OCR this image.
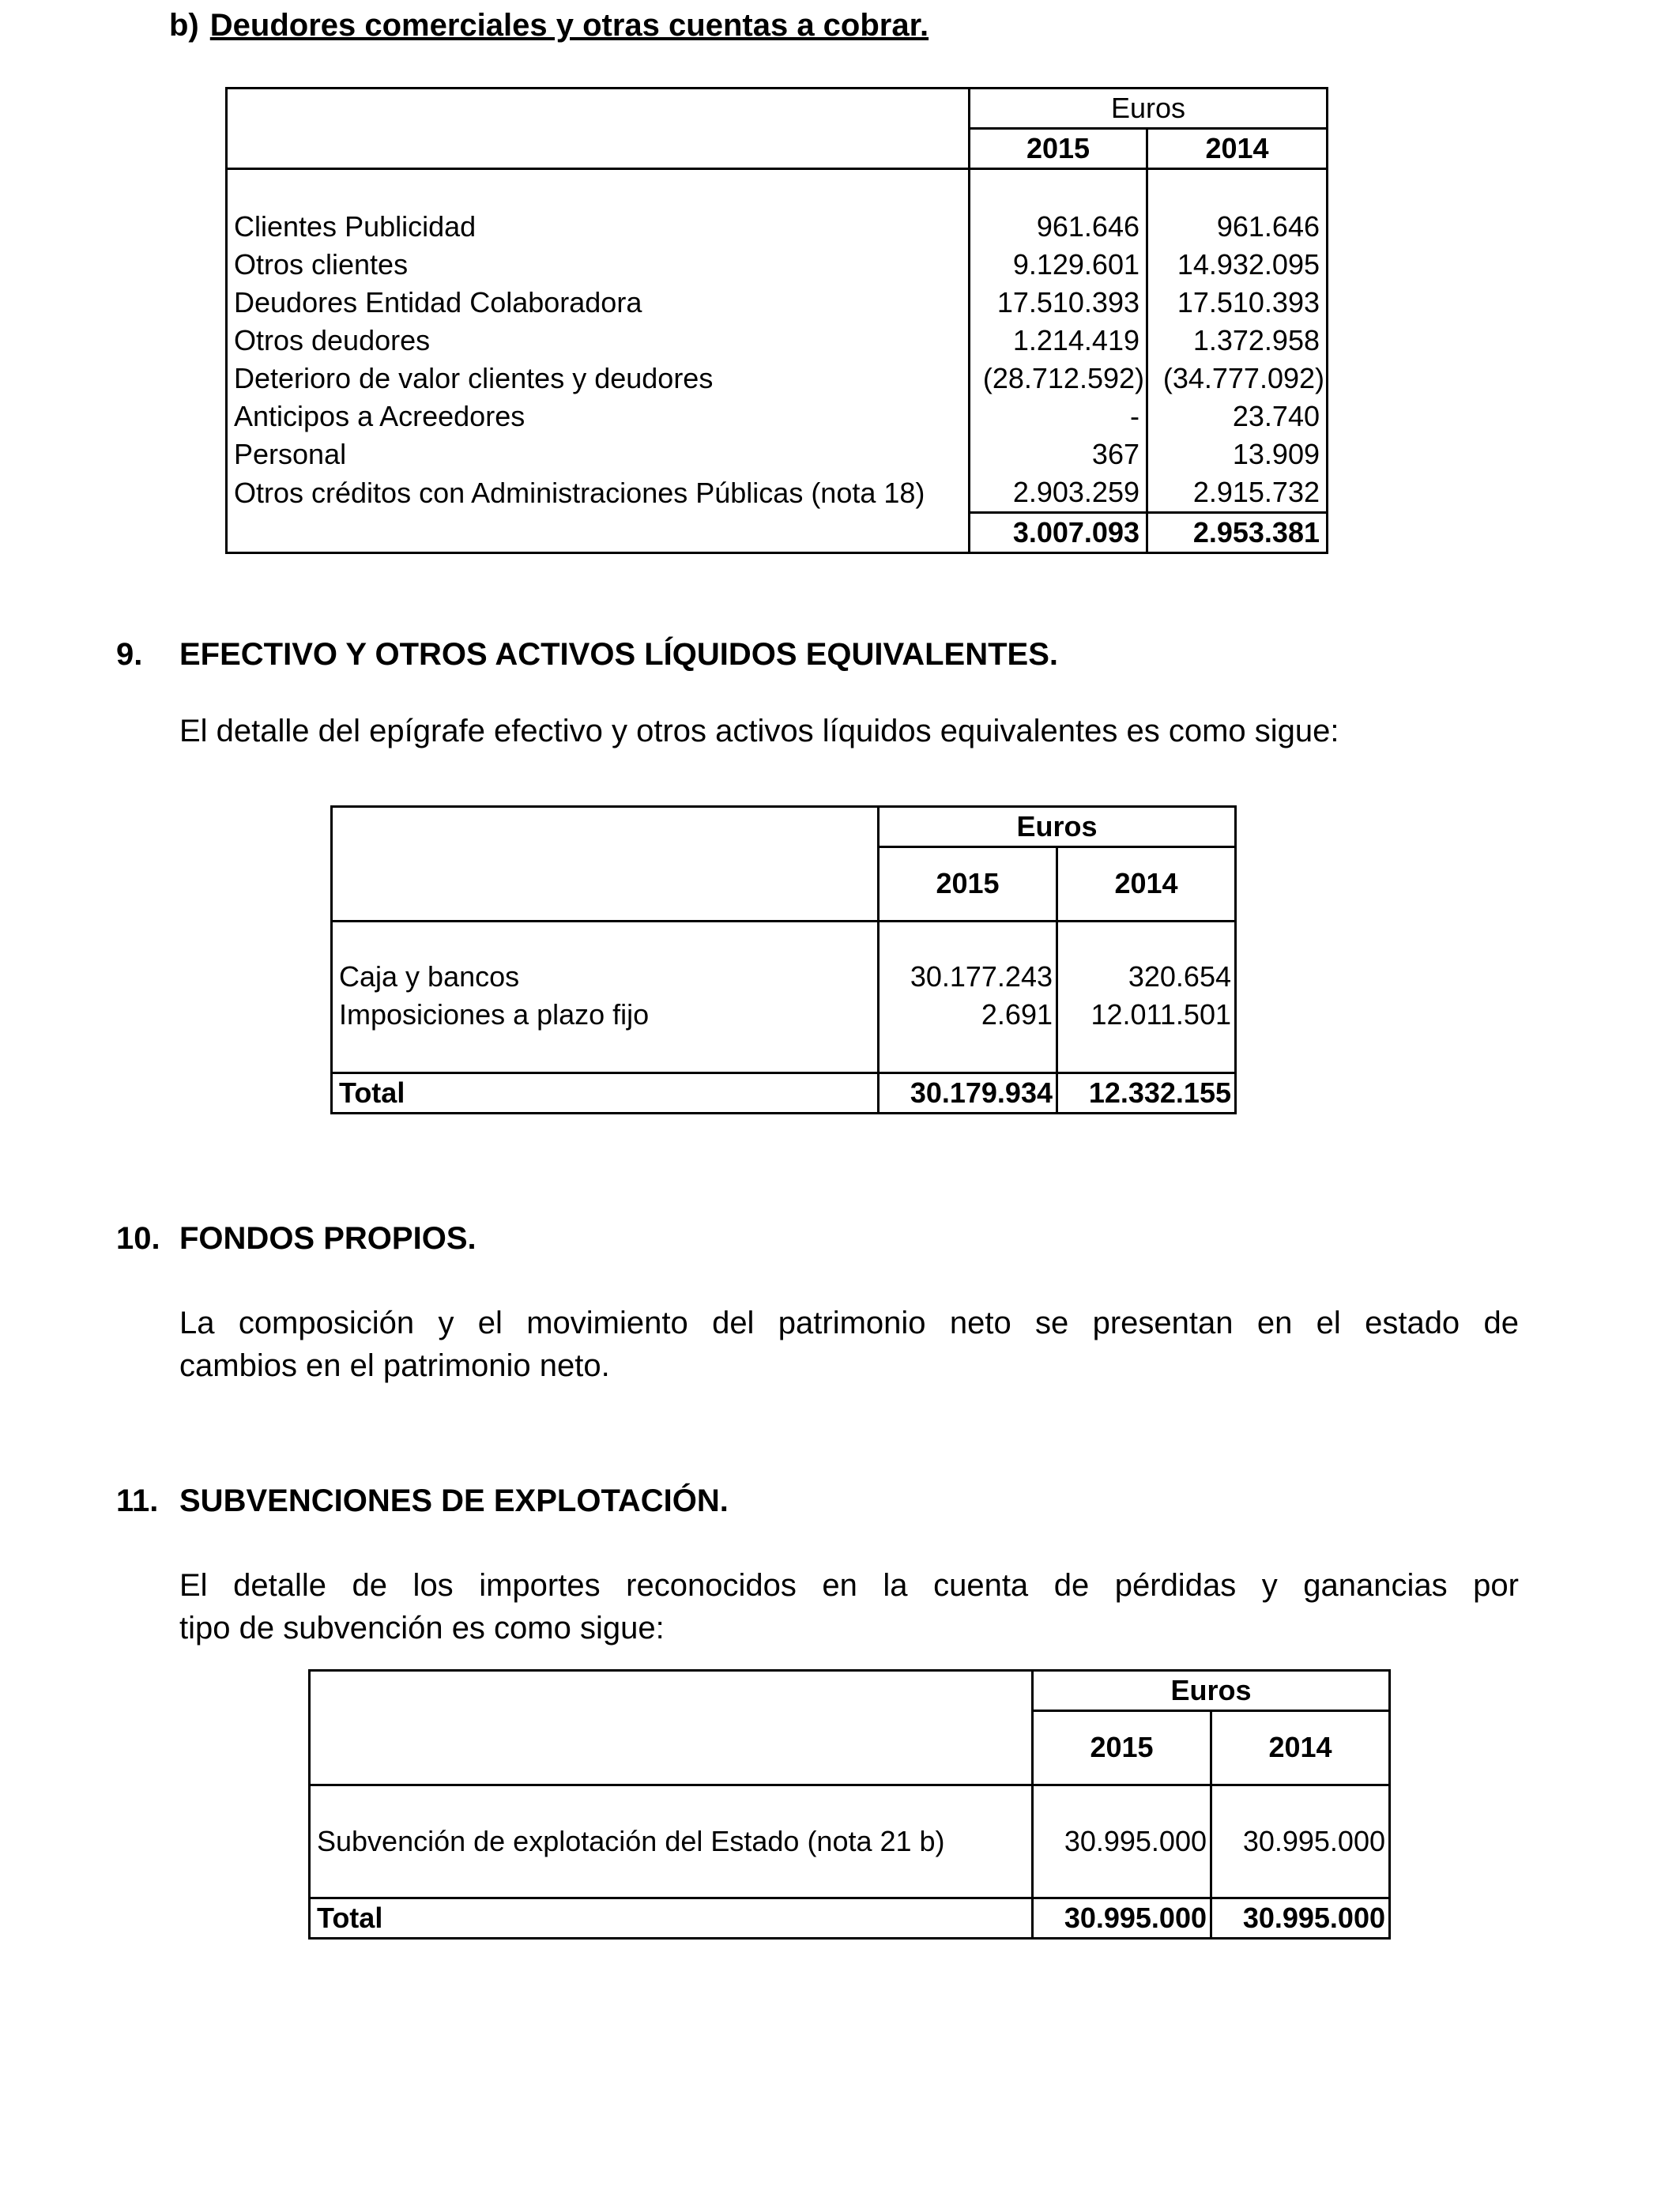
b) Deudores comerciales y otras cuentas a cobrar.
	Euros	
	2015	2014

Clientes Publicidad	961.646	961.646
Otros clientes	9.129.601	14.932.095
Deudores Entidad Colaboradora	17.510.393	17.510.393
Otros deudores	1.214.419	1.372.958
Deterioro de valor clientes y deudores	(28.712.592)	(34.777.092)
Anticipos a Acreedores	-	23.740
Personal	367	13.909
Otros créditos con Administraciones Públicas (nota 18)	2.903.259	2.915.732
	3.007.093	2.953.381
9. EFECTIVO Y OTROS ACTIVOS LÍQUIDOS EQUIVALENTES.
El detalle del epígrafe efectivo y otros activos líquidos equivalentes es como sigue:
	Euros	
	2015	2014

Caja y bancos	30.177.243	320.654
Imposiciones a plazo fijo	2.691	12.011.501

Total	30.179.934	12.332.155
10. FONDOS PROPIOS.
La composición y el movimiento del patrimonio neto se presentan en el estado de
cambios en el patrimonio neto.
11. SUBVENCIONES DE EXPLOTACIÓN.
El detalle de los importes reconocidos en la cuenta de pérdidas y ganancias por
tipo de subvención es como sigue:
	Euros	
	2015	2014
Subvención de explotación del Estado (nota 21 b)	30.995.000	30.995.000
Total	30.995.000	30.995.000
